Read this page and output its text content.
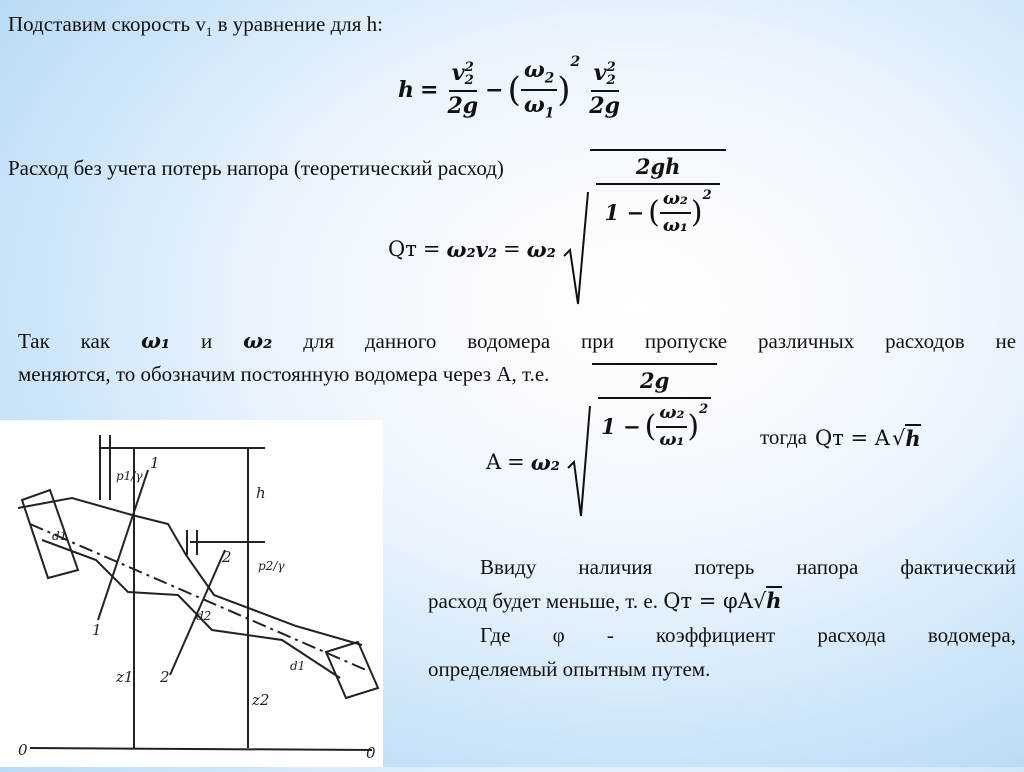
Подставим скорость $v_1$ в уравнение для h:
h = v 2
2
2g − ( $\frac{\omega_2}{\omega_1}$ )
2 v 2
2
2g
Расход без учета потерь напора (теоретический расход)
Qт = ω₂v₂ = ω₂
$\frac{2gh}{1 - ( \frac{\text{ω₂}}{\text{ω₁}} ) 2}$
Так как ω₁ и ω₂ для данного водомера при пропуске различных расходов не
меняются, то обозначим постоянную водомера через A, т.е.
1
1
2
2
h
p1/γ
p2/γ
d1
d2
d1
z1
z2
0	0
A = ω₂
$\frac{2g}{1 - ( \frac{\text{ω₂}}{\text{ω₁}} ) 2}$ тогда Qт = A √ h
Ввиду наличия потерь напора фактический
расход будет меньше, т. е. Qт = φA√h
Где φ - коэффициент расхода водомера,
определяемый опытным путем.
